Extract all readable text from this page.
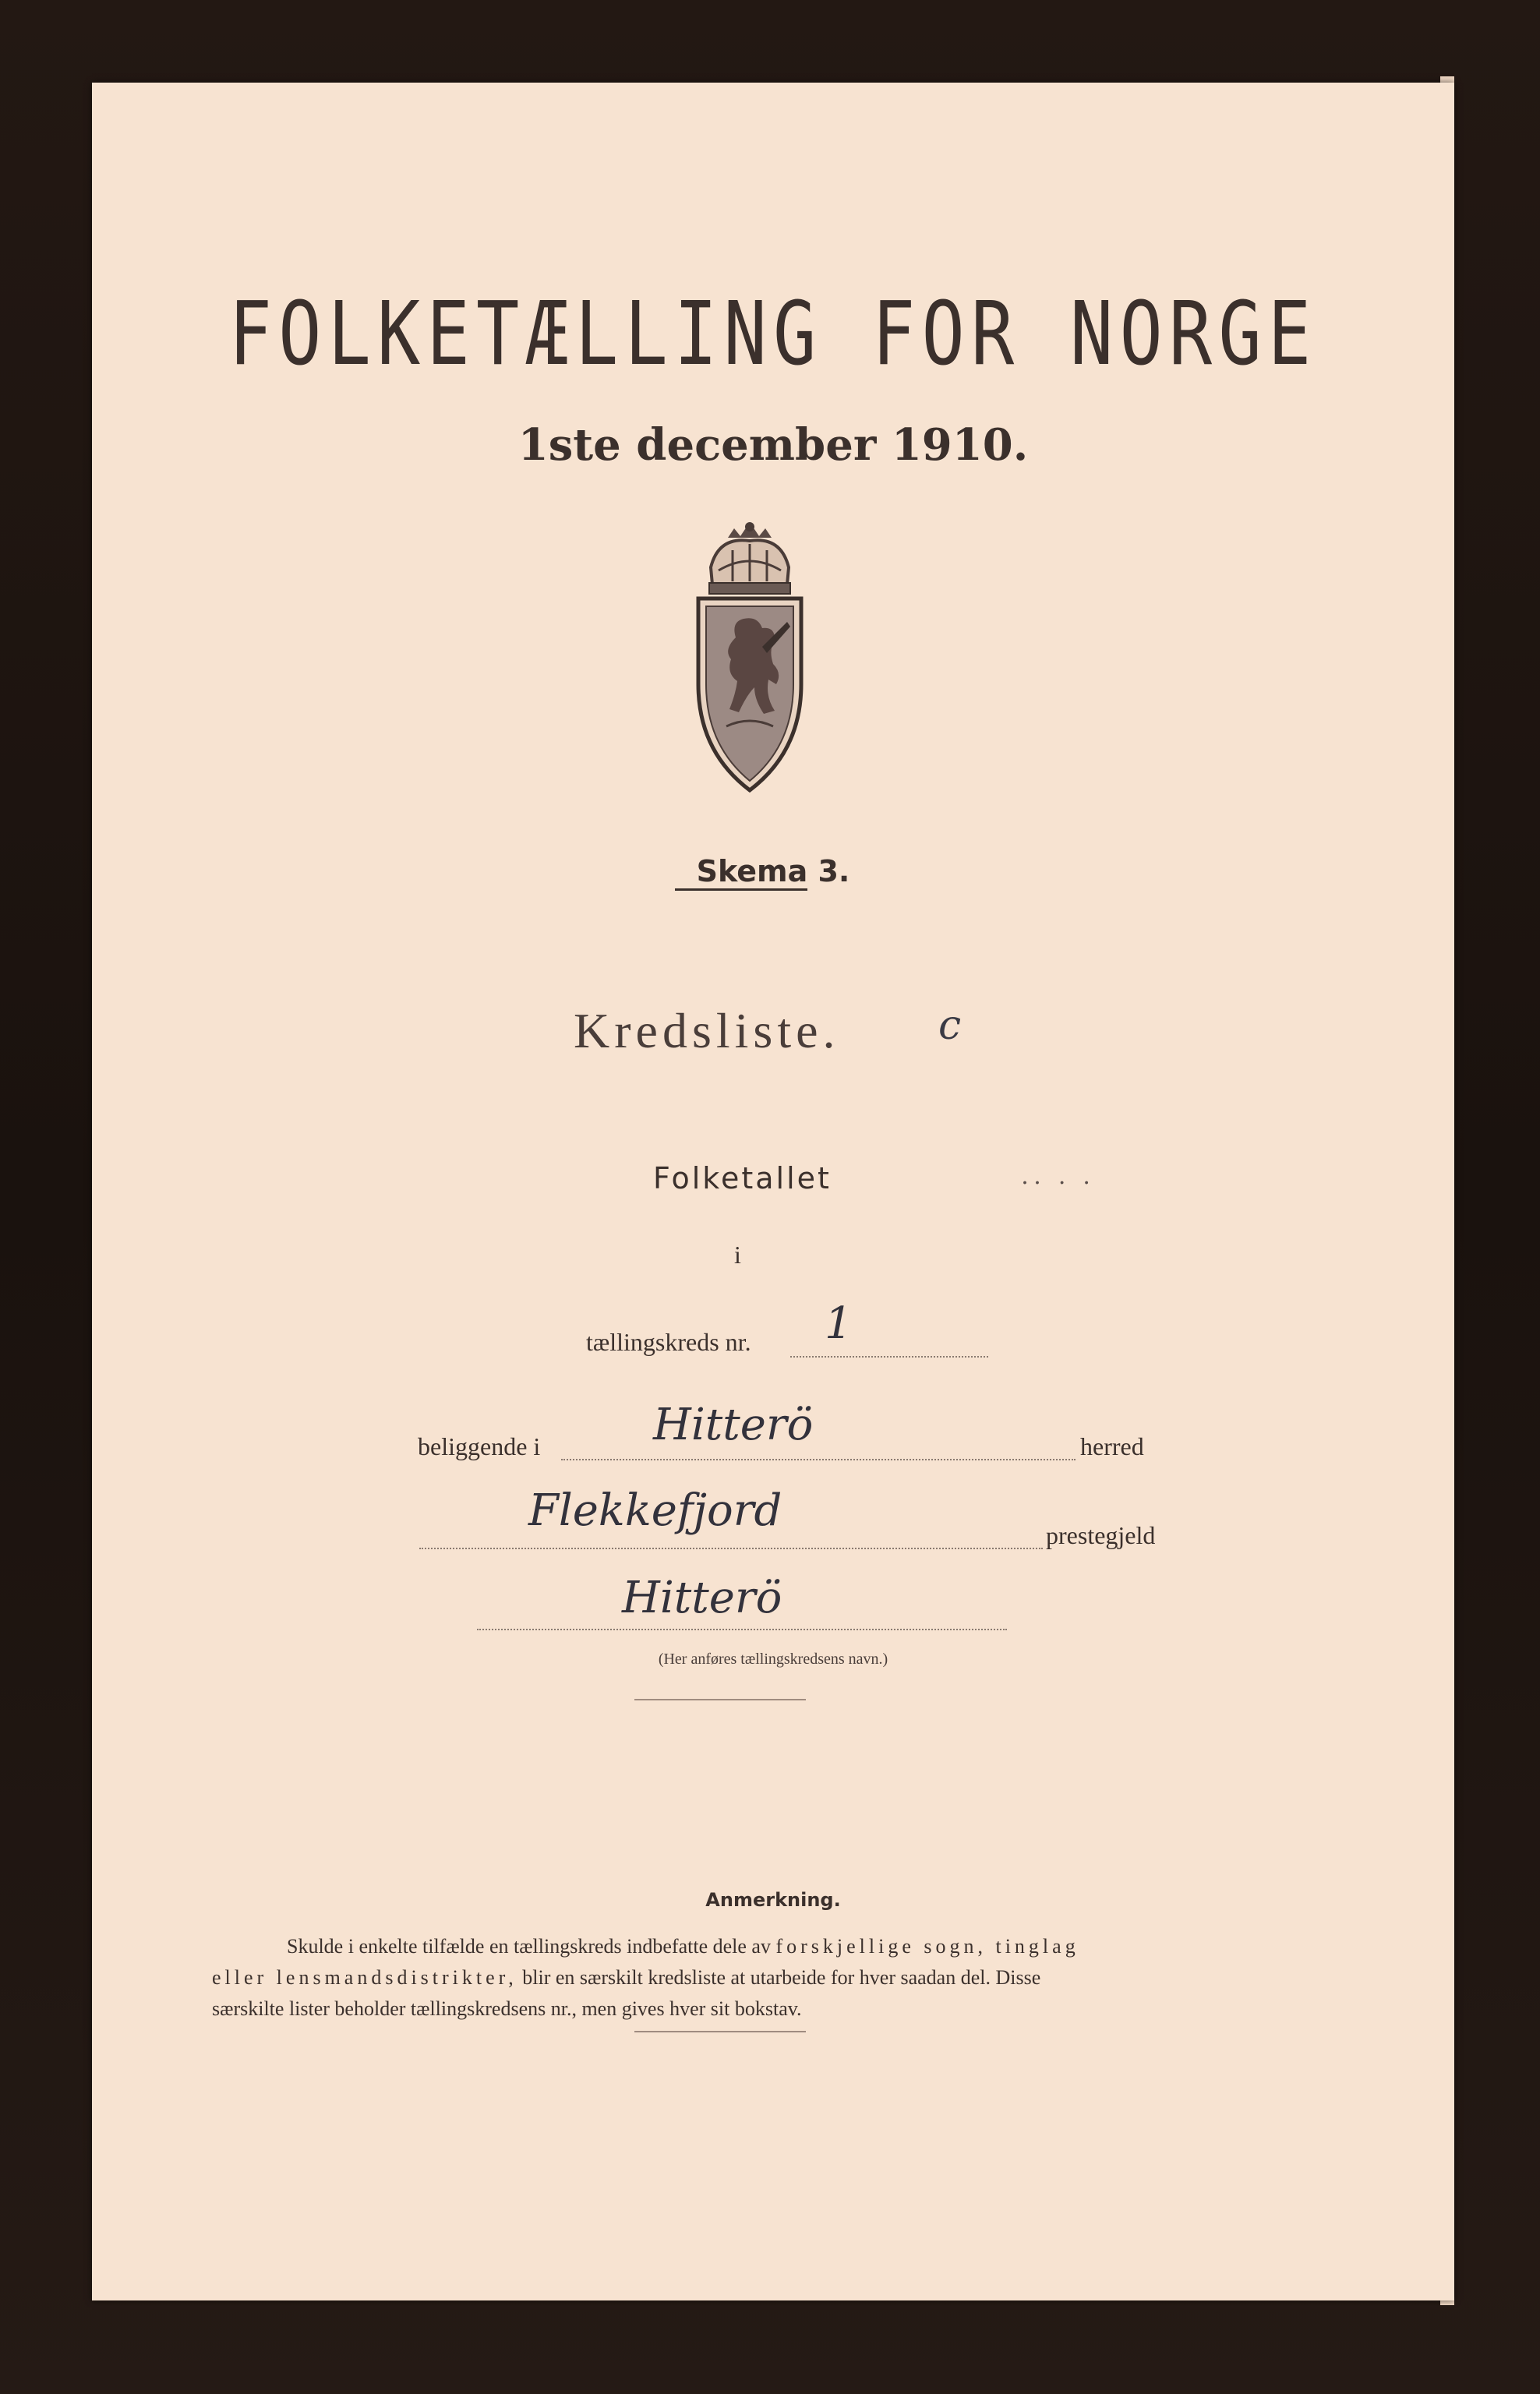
FOLKETÆLLING FOR NORGE
1ste december 1910.
Skema 3.
Kredsliste. c
Folketallet	․․ ․ ․
i
tællingskreds nr. 1
beliggende i	Hitterö	herred
Flekkefjord	prestegjeld
Hitterö
(Her anføres tællingskredsens navn.)
Anmerkning.

Skulde i enkelte tilfælde en tællingskreds indbefatte dele av forskjellige sogn, tinglag

eller lensmandsdistrikter, blir en særskilt kredsliste at utarbeide for hver saadan del. Disse

særskilte lister beholder tællingskredsens nr., men gives hver sit bokstav.
